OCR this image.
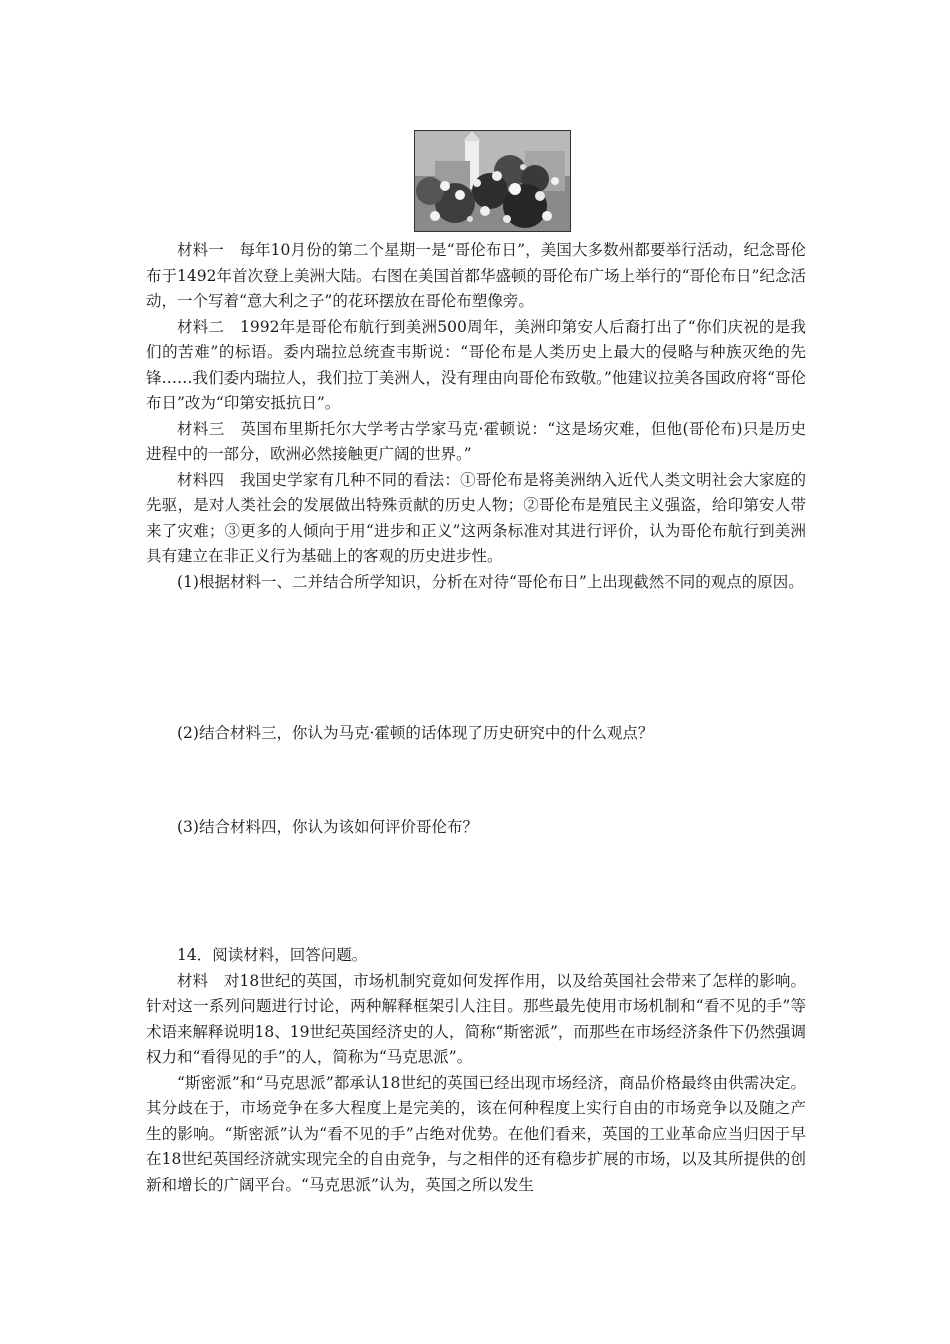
材料一　每年10月份的第二个星期一是“哥伦布日”，美国大多数州都要举行活动，纪念哥伦布于1492年首次登上美洲大陆。右图在美国首都华盛顿的哥伦布广场上举行的“哥伦布日”纪念活动，一个写着“意大利之子”的花环摆放在哥伦布塑像旁。

材料二　1992年是哥伦布航行到美洲500周年，美洲印第安人后裔打出了“你们庆祝的是我们的苦难”的标语。委内瑞拉总统查韦斯说：“哥伦布是人类历史上最大的侵略与种族灭绝的先锋……我们委内瑞拉人，我们拉丁美洲人，没有理由向哥伦布致敬。”他建议拉美各国政府将“哥伦布日”改为“印第安抵抗日”。

材料三　英国布里斯托尔大学考古学家马克·霍顿说：“这是场灾难，但他(哥伦布)只是历史进程中的一部分，欧洲必然接触更广阔的世界。”

材料四　我国史学家有几种不同的看法：①哥伦布是将美洲纳入近代人类文明社会大家庭的先驱，是对人类社会的发展做出特殊贡献的历史人物；②哥伦布是殖民主义强盗，给印第安人带来了灾难；③更多的人倾向于用“进步和正义”这两条标准对其进行评价，认为哥伦布航行到美洲具有建立在非正义行为基础上的客观的历史进步性。

(1)根据材料一、二并结合所学知识，分析在对待“哥伦布日”上出现截然不同的观点的原因。

(2)结合材料三，你认为马克·霍顿的话体现了历史研究中的什么观点？

(3)结合材料四，你认为该如何评价哥伦布？

14．阅读材料，回答问题。

材料　对18世纪的英国，市场机制究竟如何发挥作用，以及给英国社会带来了怎样的影响。针对这一系列问题进行讨论，两种解释框架引人注目。那些最先使用市场机制和“看不见的手”等术语来解释说明18、19世纪英国经济史的人，简称“斯密派”，而那些在市场经济条件下仍然强调权力和“看得见的手”的人，简称为“马克思派”。

“斯密派”和“马克思派”都承认18世纪的英国已经出现市场经济，商品价格最终由供需决定。其分歧在于，市场竞争在多大程度上是完美的，该在何种程度上实行自由的市场竞争以及随之产生的影响。“斯密派”认为“看不见的手”占绝对优势。在他们看来，英国的工业革命应当归因于早在18世纪英国经济就实现完全的自由竞争，与之相伴的还有稳步扩展的市场，以及其所提供的创新和增长的广阔平台。“马克思派”认为，英国之所以发生
